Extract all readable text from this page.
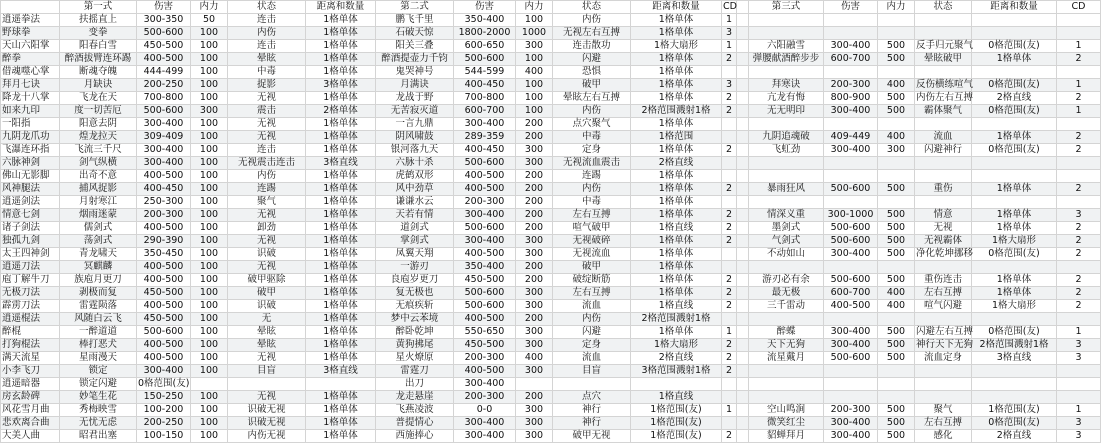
	第一式	伤害	内力	状态	距离和数量	第二式	伤害	内力	状态	距离和数量	CD		第三式	伤害	内力	状态	距离和数量	CD
逍遥拳法	扶摇直上	300-350	50	连击	1格单体	鹏飞千里	350-400	100	内伤	1格单体	1							
野球拳	变拳	500-600	100	内伤	1格单体	石破天惊	1800-2000	1000	无视左右互搏	1格单体	3							
天山六阳掌	阳春白雪	450-500	100	连击	1格单体	阳关三叠	600-650	300	连击散功	1格大扇形	1		六阳融雪	300-400	500	反手归元聚气	0格范围(友)	1
醉拳	醉酒拔臂连环踢	400-500	100	晕眩	1格单体	醉酒提壶力千钧	500-600	100	闪避	1格单体	2		弹腰献酒醉步步	600-700	500	晕眩破甲	1格单体	2
借魂噬心掌	断魂夺魄	444-499	100	中毒	1格单体	鬼哭神号	544-599	400	恐惧	1格单体								
拜月七诀	月缺诀	200-250	100	捉影	3格单体	月满诀	400-450	100	破甲	1格单体	3		拜寒诀	200-300	400	反伤横练喧气	0格范围(友)	1
降龙十八掌	飞龙在天	700-800	100	无视	1格单体	龙战于野	700-800	100	晕眩左右互搏	1格单体	2		亢龙有悔	800-900	500	内伤左右互搏	2格直线	2
如来九印	度一切苦厄	500-600	300	震击	2格单体	无苦寂灭道	600-700	100	内伤	2格范围溅射1格	2		无无明印	300-400	500	霸体聚气	0格范围(友)	1
一阳指	阳意去阴	300-400	100	无视	1格单体	一言九鼎	300-400	200	点穴聚气	1格单体								
九阴龙爪功	煌龙拉天	309-409	100	无视	1格单体	阴风啸鼓	289-359	200	中毒	1格范围			九阴追魂破	409-449	400	流血	1格单体	2
飞瀑连环指	飞流三千尺	300-400	100	连击	1格单体	银河落九天	400-450	300	定身	1格单体	2		飞虹劲	300-400	300	闪避神行	0格范围(友)	2
六脉神剑	剑气纵横	300-400	100	无视震击连击	3格直线	六脉十杀	500-600	300	无视流血震击	2格直线								
佛山无影脚	出奇不意	400-500	100	内伤	1格单体	虎鹤双形	400-500	200	连踢	1格单体								
风神腿法	捕风捉影	400-450	100	连踢	1格单体	风中劲草	400-500	200	内伤	1格单体	2		暴雨狂风	500-600	500	重伤	1格单体	2
逍遥剑法	月射寒江	250-300	100	聚气	1格单体	谦谦水云	200-300	200	中毒	1格单体								
情意七剑	烟雨迷蒙	200-300	100	无视	1格单体	天若有情	300-400	200	左右互搏	1格单体	2		情深义重	300-1000	500	情意	1格单体	3
诸子剑法	儒剑式	400-500	100	卸劲	1格单体	道剑式	500-600	200	喧气破甲	1格直线	2		墨剑式	500-600	500	无视	1格单体	2
独孤九剑	荡剑式	290-390	100	无视	1格单体	掌剑式	300-400	300	无视破碎	1格单体	2		气剑式	500-600	500	无视霸体	1格大扇形	2
太王四神剑	青龙啸天	350-450	100	识破	1格单体	凤翼天翔	400-500	300	无视流血	1格单体			不动如山	300-400	500	净化乾坤挪移	0格范围(友)	2
逍遥刀法	冥麒麟	400-500	100	无视	1格单体	一游刃	350-400	200	破甲	1格单体								
庖丁解牛刀	族庖月更刀	400-500	100	破甲驱除	1格单体	良庖岁更刀	450-500	200	破绽断筋	1格单体	2		游刃必有余	500-600	500	重伤连击	1格单体	2
无极刀法	剥极而复	450-500	100	破甲	1格单体	复无极也	500-600	300	左右互搏	1格单体	2		最无极	600-700	400	左右互搏	1格单体	2
霹雳刀法	雷霆陨落	400-500	100	识破	1格单体	无痕疾斩	500-600	300	流血	1格直线	2		三千雷动	400-500	400	喧气闪避	1格大扇形	2
逍遥棍法	风随白云飞	450-500	100	无	1格单体	梦中云苯境	400-500	200	内伤	2格范围溅射1格								
醉棍	一醉道道	500-600	100	晕眩	1格单体	醉卧乾坤	550-650	300	闪避	1格单体	1		醉蝶	300-400	500	闪避左右互搏	0格范围(友)	1
打狗棍法	棒打恶犬	400-500	100	晕眩	1格单体	黄狗拂尾	450-500	300	定身	1格大扇形	2		天下无狗	300-400	500	神行天下无狗	2格范围溅射1格	3
满天流星	星雨漫天	400-500	100	无视	1格单体	星火燎原	200-300	400	流血	2格直线	2		流星戴月	500-600	500	流血定身	3格直线	3
小李飞刀	锁定	300-400	100	目盲	3格直线	雷霆刀	400-500	300	目盲	3格范围溅射1格	2							
逍遥暗器	锁定闪避	0格范围(友)				出刀	300-400											
房玄龄碑	妙笔生花	150-250	100	无视	1格单体	龙走悬崖	200-300	200	点穴	1格直线								
风花雪月曲	秀梅映雪	100-200	100	识破无视	1格单体	飞燕凌波	0-0	300	神行	1格范围(友)	1		空山鸣涧	200-300	500	聚气	1格范围(友)	1
悲欢离合曲	无忧无虑	200-250	100	识破无视	1格单体	普提情心	300-400	300	神行	1格范围(友)			微笑红尘	300-400	500	左右互搏	0格范围(友)	3
大美人曲	昭君出塞	100-150	100	内伤无视	1格单体	西施捧心	300-400	300	破甲无视	1格范围(友)	2		貂蝉拜月	300-400	500	感化	2格直线	3
